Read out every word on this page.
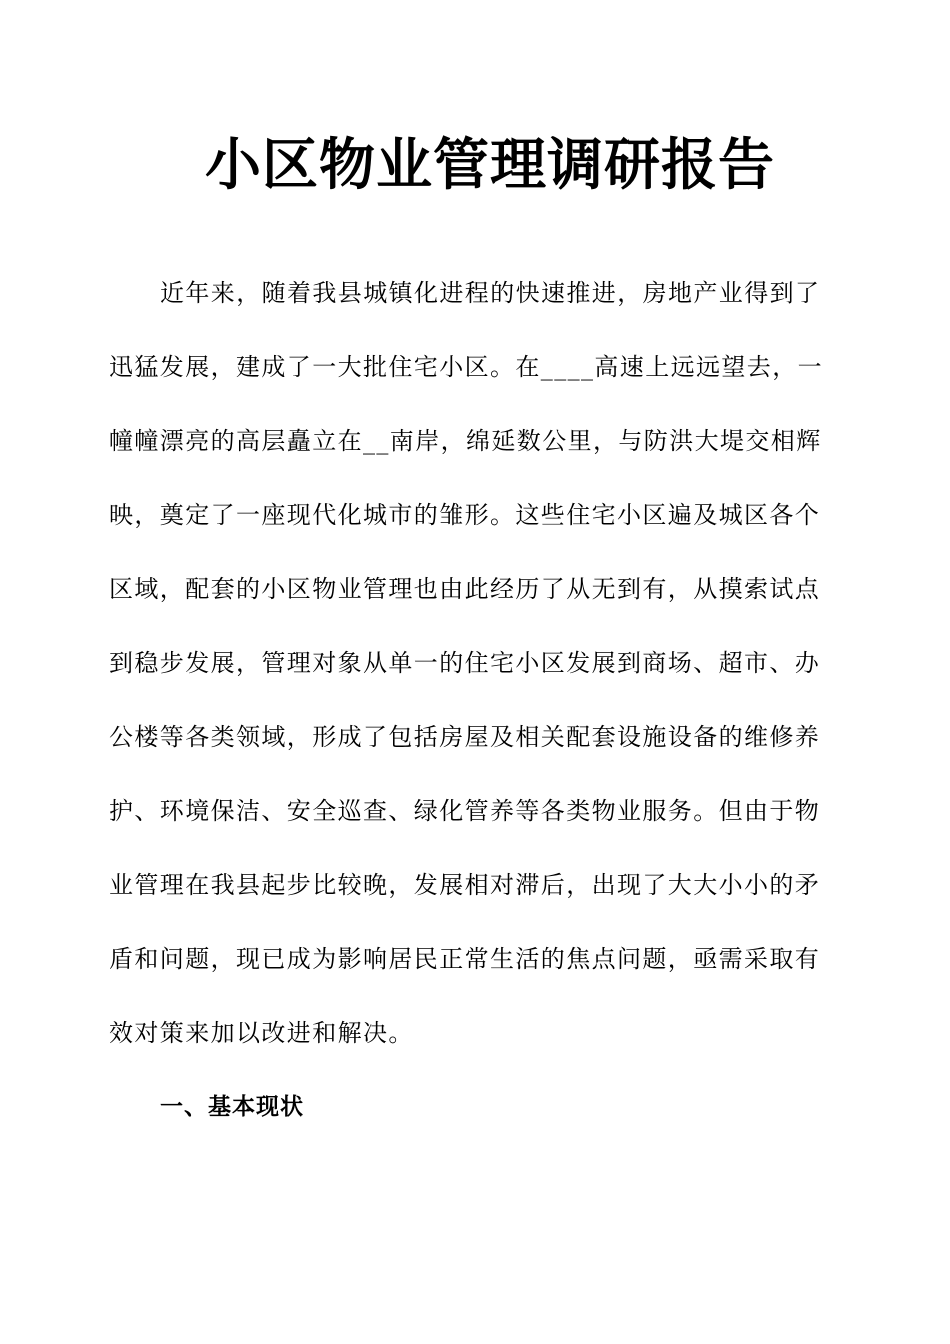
小区物业管理调研报告
近年来，随着我县城镇化进程的快速推进，房地产业得到了
迅猛发展，建成了一大批住宅小区。在____高速上远远望去，一
幢幢漂亮的高层矗立在__南岸，绵延数公里，与防洪大堤交相辉
映，奠定了一座现代化城市的雏形。这些住宅小区遍及城区各个
区域，配套的小区物业管理也由此经历了从无到有，从摸索试点
到稳步发展，管理对象从单一的住宅小区发展到商场、超市、办
公楼等各类领域，形成了包括房屋及相关配套设施设备的维修养
护、环境保洁、安全巡查、绿化管养等各类物业服务。但由于物
业管理在我县起步比较晚，发展相对滞后，出现了大大小小的矛
盾和问题，现已成为影响居民正常生活的焦点问题，亟需采取有
效对策来加以改进和解决。
一、基本现状
